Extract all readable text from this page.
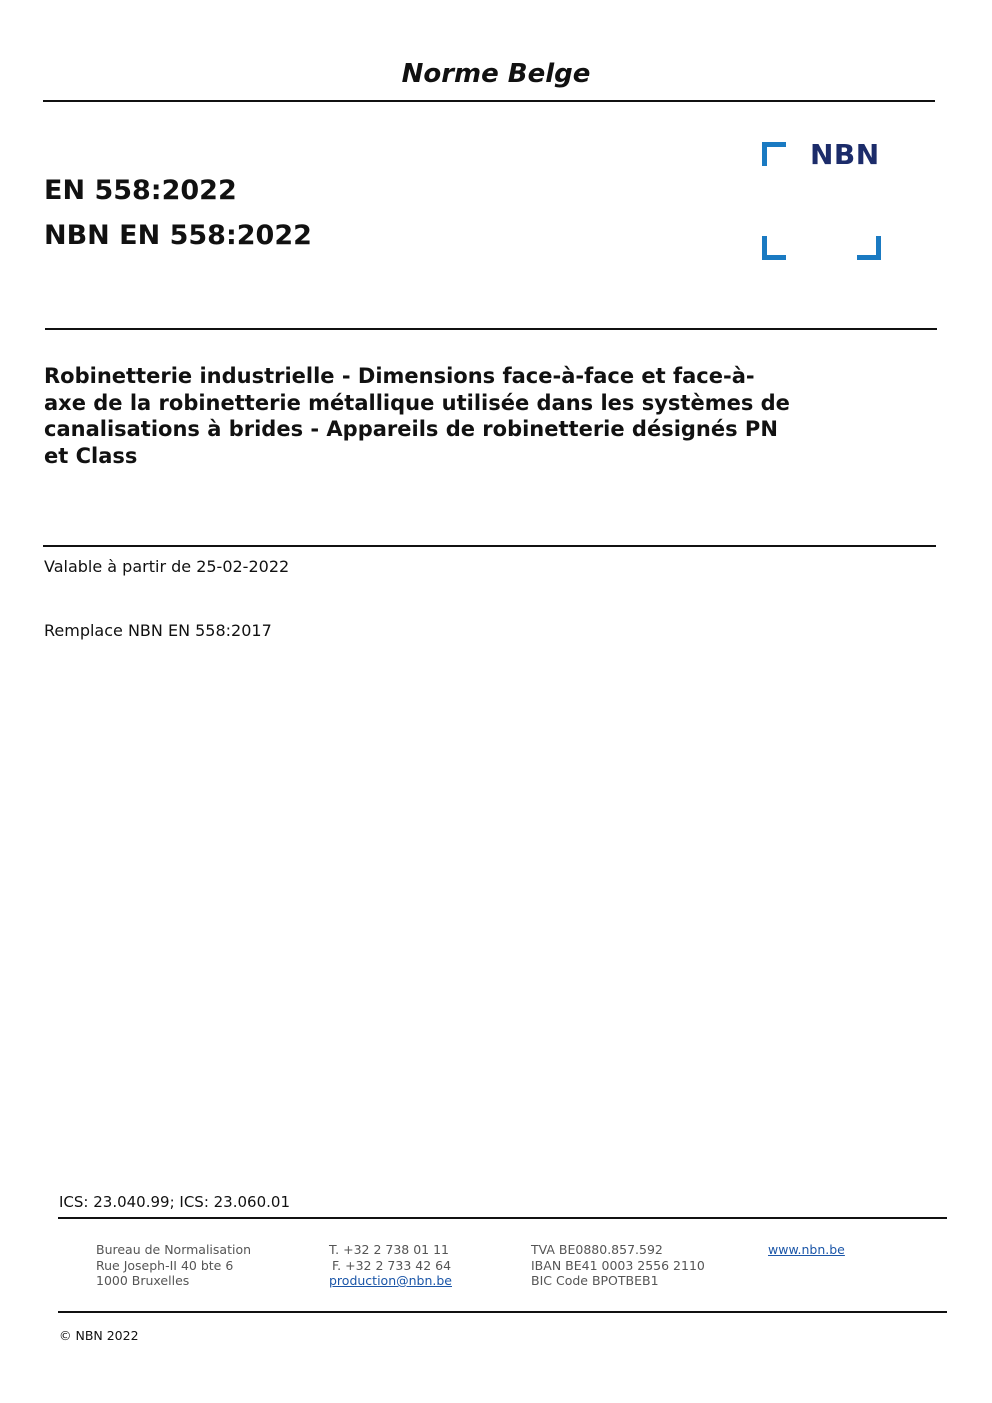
Norme Belge
EN 558:2022
NBN EN 558:2022
NBN
Robinetterie industrielle - Dimensions face-à-face et face-à-
axe de la robinetterie métallique utilisée dans les systèmes de
canalisations à brides - Appareils de robinetterie désignés PN
et Class
Valable à partir de 25-02-2022
Remplace NBN EN 558:2017
ICS: 23.040.99; ICS: 23.060.01
Bureau de Normalisation
Rue Joseph-II 40 bte 6
1000 Bruxelles
T. +32 2 738 01 11
F. +32 2 733 42 64
production@nbn.be
TVA BE0880.857.592
IBAN BE41 0003 2556 2110
BIC Code BPOTBEB1
www.nbn.be
© NBN 2022
